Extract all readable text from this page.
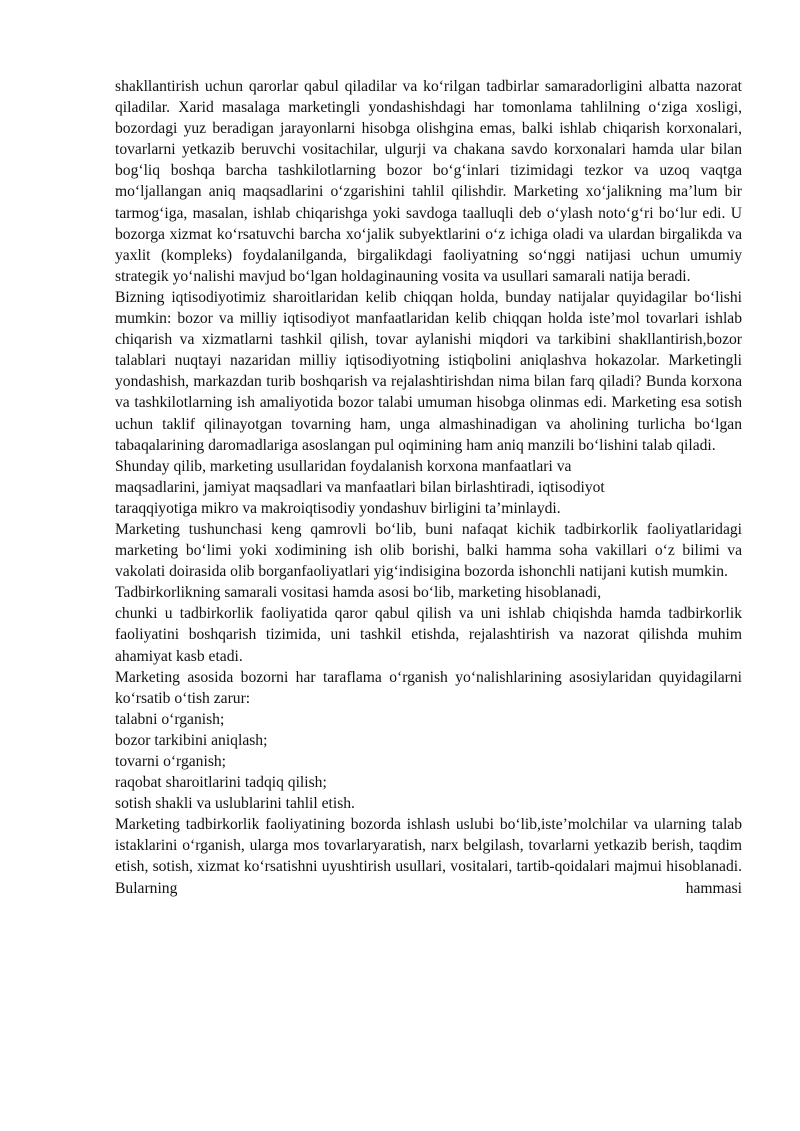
shakllantirish uchun qarorlar qabul qiladilar va ko‘rilgan tadbirlar samaradorligini albatta nazorat qiladilar. Xarid masalaga marketingli yondashishdagi har tomonlama tahlilning o‘ziga xosligi, bozordagi yuz beradigan jarayonlarni hisobga olishgina emas, balki ishlab chiqarish korxonalari, tovarlarni yetkazib beruvchi vositachilar, ulgurji va chakana savdo korxonalari hamda ular bilan bog‘liq boshqa barcha tashkilotlarning bozor bo‘g‘inlari tizimidagi tezkor va uzoq vaqtga mo‘ljallangan aniq maqsadlarini o‘zgarishini tahlil qilishdir. Marketing xo‘jalikning ma’lum bir tarmog‘iga, masalan, ishlab chiqarishga yoki savdoga taalluqli deb o‘ylash noto‘g‘ri bo‘lur edi. U bozorga xizmat ko‘rsatuvchi barcha xo‘jalik subyektlarini o‘z ichiga oladi va ulardan birgalikda va yaxlit (kompleks) foydalanilganda, birgalikdagi faoliyatning so‘nggi natijasi uchun umumiy strategik yo‘nalishi mavjud bo‘lgan holdaginauning vosita va usullari samarali natija beradi.

Bizning iqtisodiyotimiz sharoitlaridan kelib chiqqan holda, bunday natijalar quyidagilar bo‘lishi mumkin: bozor va milliy iqtisodiyot manfaatlaridan kelib chiqqan holda iste’mol tovarlari ishlab chiqarish va xizmatlarni tashkil qilish, tovar aylanishi miqdori va tarkibini shakllantirish,bozor talablari nuqtayi nazaridan milliy iqtisodiyotning istiqbolini aniqlashva hokazolar. Marketingli yondashish, markazdan turib boshqarish va rejalashtirishdan nima bilan farq qiladi? Bunda korxona va tashkilotlarning ish amaliyotida bozor talabi umuman hisobga olinmas edi. Marketing esa sotish uchun taklif qilinayotgan tovarning ham, unga almashinadigan va aholining turlicha bo‘lgan tabaqalarining daromadlariga asoslangan pul oqimining ham aniq manzili bo‘lishini talab qiladi.

Shunday qilib, marketing usullaridan foydalanish korxona manfaatlari va

maqsadlarini, jamiyat maqsadlari va manfaatlari bilan birlashtiradi, iqtisodiyot

taraqqiyotiga mikro va makroiqtisodiy yondashuv birligini ta’minlaydi.

Marketing tushunchasi keng qamrovli bo‘lib, buni nafaqat kichik tadbirkorlik faoliyatlaridagi marketing bo‘limi yoki xodimining ish olib borishi, balki hamma soha vakillari o‘z bilimi va vakolati doirasida olib borganfaoliyatlari yig‘indisigina bozorda ishonchli natijani kutish mumkin.

Tadbirkorlikning samarali vositasi hamda asosi bo‘lib, marketing hisoblanadi,

chunki u tadbirkorlik faoliyatida qaror qabul qilish va uni ishlab chiqishda hamda tadbirkorlik faoliyatini boshqarish tizimida, uni tashkil etishda, rejalashtirish va nazorat qilishda muhim ahamiyat kasb etadi.

Marketing asosida bozorni har taraflama o‘rganish yo‘nalishlarining asosiylaridan quyidagilarni ko‘rsatib o‘tish zarur:

talabni o‘rganish;

bozor tarkibini aniqlash;

tovarni o‘rganish;

raqobat sharoitlarini tadqiq qilish;

sotish shakli va uslublarini tahlil etish.

Marketing tadbirkorlik faoliyatining bozorda ishlash uslubi bo‘lib,iste’molchilar va ularning talab istaklarini o‘rganish, ularga mos tovarlaryaratish, narx belgilash, tovarlarni yetkazib berish, taqdim etish, sotish, xizmat ko‘rsatishni uyushtirish usullari, vositalari, tartib-qoidalari majmui hisoblanadi. Bularning hammasi
